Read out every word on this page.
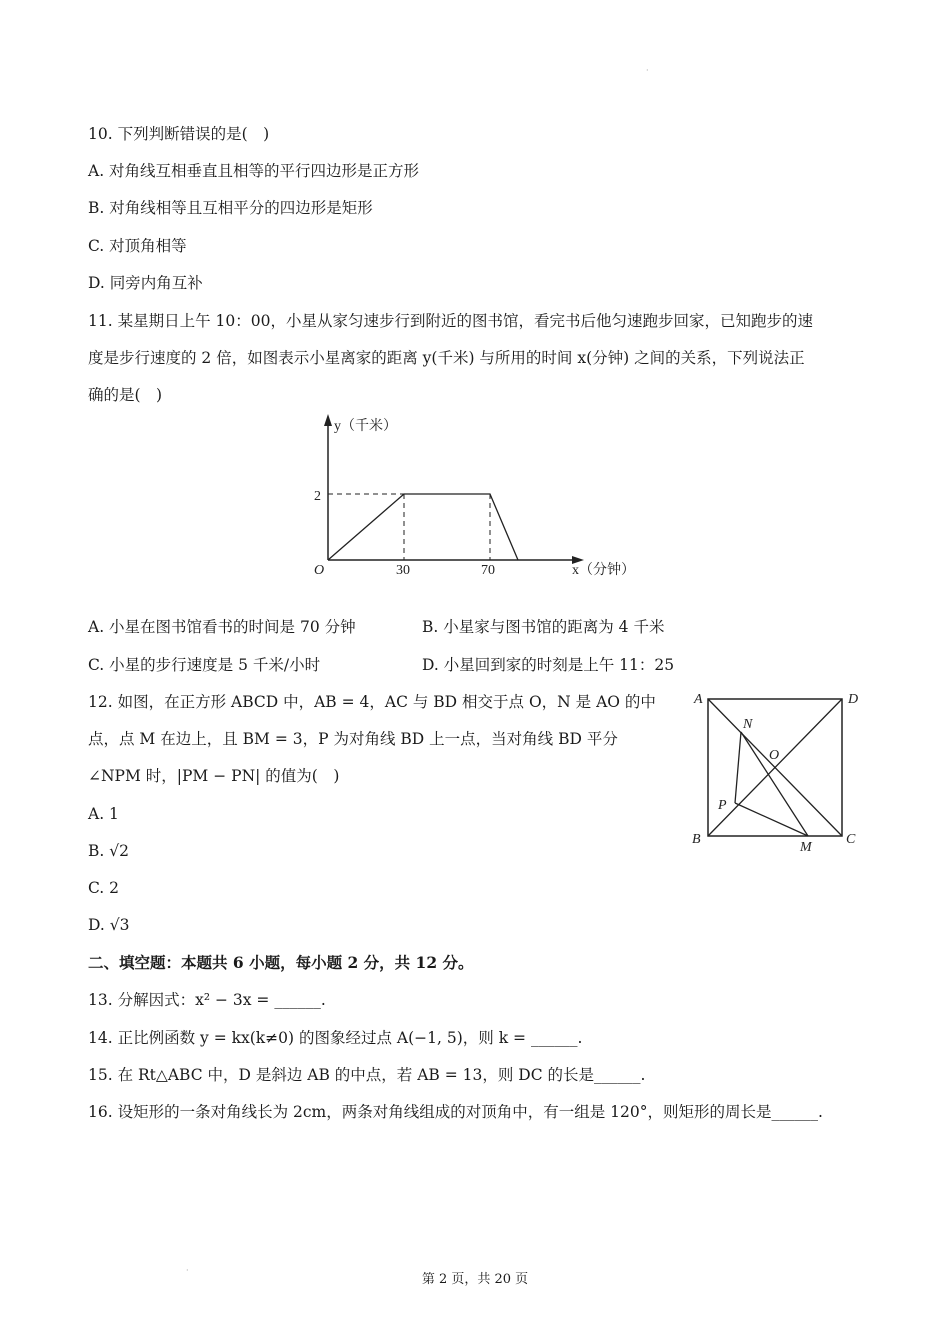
·
10. 下列判断错误的是(　)
A. 对角线互相垂直且相等的平行四边形是正方形
B. 对角线相等且互相平分的四边形是矩形
C. 对顶角相等
D. 同旁内角互补
11. 某星期日上午 10：00，小星从家匀速步行到附近的图书馆，看完书后他匀速跑步回家，已知跑步的速
度是步行速度的 2 倍，如图表示小星离家的距离 y(千米) 与所用的时间 x(分钟) 之间的关系，下列说法正
确的是(　)
y（千米）
2
O	30	70	x（分钟）
A. 小星在图书馆看书的时间是 70 分钟	B. 小星家与图书馆的距离为 4 千米
C. 小星的步行速度是 5 千米/小时	D. 小星回到家的时刻是上午 11：25
12. 如图，在正方形 ABCD 中，AB = 4，AC 与 BD 相交于点 O，N 是 AO 的中
点，点 M 在边上，且 BM = 3，P 为对角线 BD 上一点，当对角线 BD 平分
∠NPM 时，|PM − PN| 的值为(　)
A. 1
B. √2
C. 2
D. √3
A	D
N
O
P
B
M
C
二、填空题：本题共 6 小题，每小题 2 分，共 12 分。
13. 分解因式：x² − 3x = ______.
14. 正比例函数 y = kx(k≠0) 的图象经过点 A(−1, 5)，则 k = ______.
15. 在 Rt△ABC 中，D 是斜边 AB 的中点，若 AB = 13，则 DC 的长是______.
16. 设矩形的一条对角线长为 2cm，两条对角线组成的对顶角中，有一组是 120°，则矩形的周长是______.
·
第 2 页，共 20 页
